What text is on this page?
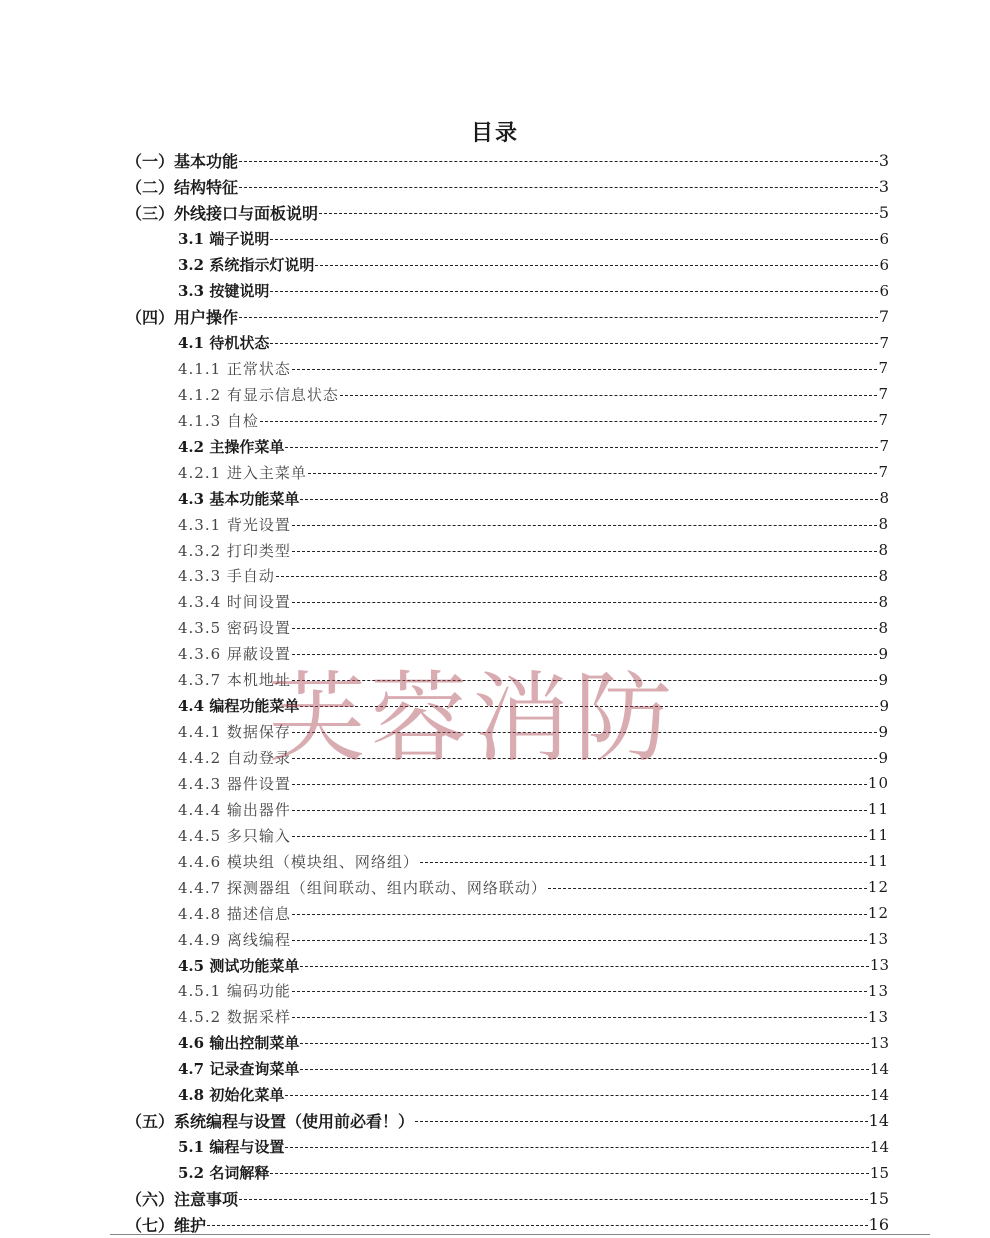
目录
（一）基本功能	3
（二）结构特征	3
（三）外线接口与面板说明	5
3.1 端子说明	6
3.2 系统指示灯说明	6
3.3 按键说明	6
（四）用户操作	7
4.1 待机状态	7
4.1.1 正常状态	7
4.1.2 有显示信息状态	7
4.1.3 自检	7
4.2 主操作菜单	7
4.2.1 进入主菜单	7
4.3 基本功能菜单	8
4.3.1 背光设置	8
4.3.2 打印类型	8
4.3.3 手自动	8
4.3.4 时间设置	8
4.3.5 密码设置	8
4.3.6 屏蔽设置	9
4.3.7 本机地址	9
4.4 编程功能菜单	9
4.4.1 数据保存	9
4.4.2 自动登录	9
4.4.3 器件设置	10
4.4.4 输出器件	11
4.4.5 多只输入	11
4.4.6 模块组（模块组、网络组）	11
4.4.7 探测器组（组间联动、组内联动、网络联动）	12
4.4.8 描述信息	12
4.4.9 离线编程	13
4.5 测试功能菜单	13
4.5.1 编码功能	13
4.5.2 数据采样	13
4.6 输出控制菜单	13
4.7 记录查询菜单	14
4.8 初始化菜单	14
（五）系统编程与设置（使用前必看！）	14
5.1 编程与设置	14
5.2 名词解释	15
（六）注意事项	15
（七）维护	16
芙蓉消防
